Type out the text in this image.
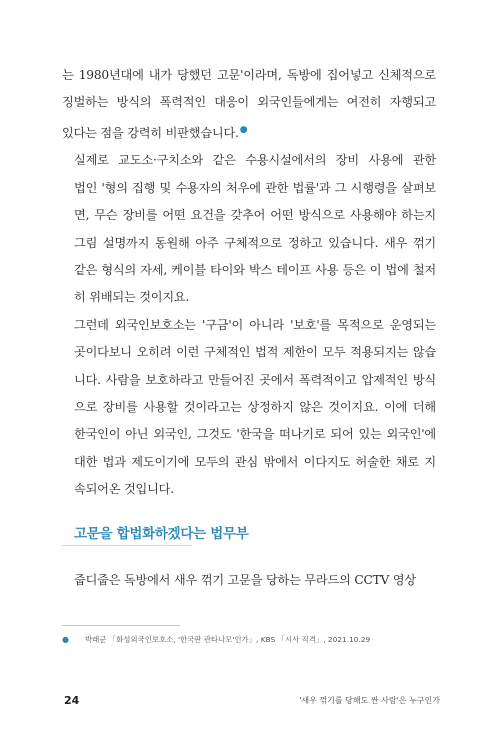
는 1980년대에 내가 당했던 고문'이라며, 독방에 집어넣고 신체적으로
징벌하는 방식의 폭력적인 대응이 외국인들에게는 여전히 자행되고
있다는 점을 강력히 비판했습니다.●

실제로 교도소·구치소와 같은 수용시설에서의 장비 사용에 관한
법인 '형의 집행 및 수용자의 처우에 관한 법률'과 그 시행령을 살펴보
면, 무슨 장비를 어떤 요건을 갖추어 어떤 방식으로 사용해야 하는지
그림 설명까지 동원해 아주 구체적으로 정하고 있습니다. 새우 꺾기
같은 형식의 자세, 케이블 타이와 박스 테이프 사용 등은 이 법에 철저
히 위배되는 것이지요.

그런데 외국인보호소는 '구금'이 아니라 '보호'를 목적으로 운영되는
곳이다보니 오히려 이런 구체적인 법적 제한이 모두 적용되지는 않습
니다. 사람을 보호하라고 만들어진 곳에서 폭력적이고 압제적인 방식
으로 장비를 사용할 것이라고는 상정하지 않은 것이지요. 이에 더해
한국인이 아닌 외국인, 그것도 '한국을 떠나기로 되어 있는 외국인'에
대한 법과 제도이기에 모두의 관심 밖에서 이다지도 허술한 채로 지
속되어온 것입니다.

고문을 합법화하겠다는 법무부
줍디줍은 독방에서 새우 꺾기 고문을 당하는 무라드의 CCTV 영상
● 박래군 「화성외국인보호소, '한국판 관타나모'인가」, KBS 「시사 직격」, 2021.10.29
24	'새우 꺾기를 당해도 싼 사람'은 누구인가
